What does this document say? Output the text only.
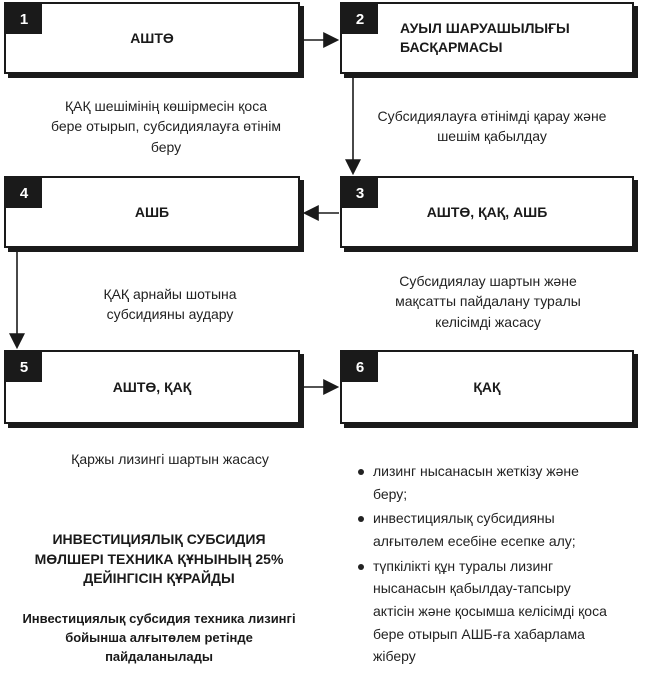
1
АШТӨ
2
АУЫЛ ШАРУАШЫЛЫҒЫ БАСҚАРМАСЫ
ҚАҚ шешімінің көшірмесін қоса бере отырып, субсидиялауға өтінім беру
Субсидиялауға өтінімді қарау және шешім қабылдау
4
АШБ
3
АШТӨ, ҚАҚ, АШБ
ҚАҚ арнайы шотына субсидияны аудару
Субсидиялау шартын және мақсатты пайдалану туралы келісімді жасасу
5
АШТӨ, ҚАҚ
6
ҚАҚ
Қаржы лизингі шартын жасасу
лизинг нысанасын жеткізу және беру;
инвестициялық субсидияны алғытөлем есебіне есепке алу;
түпкілікті құн туралы лизинг нысанасын қабылдау-тапсыру актісін және қосымша келісімді қоса бере отырып АШБ-ға хабарлама жіберу
ИНВЕСТИЦИЯЛЫҚ СУБСИДИЯ МӨЛШЕРІ ТЕХНИКА ҚҰНЫНЫҢ 25% ДЕЙІНГІСІН ҚҰРАЙДЫ
Инвестициялық субсидия техника лизингі бойынша алғытөлем ретінде пайдаланылады
